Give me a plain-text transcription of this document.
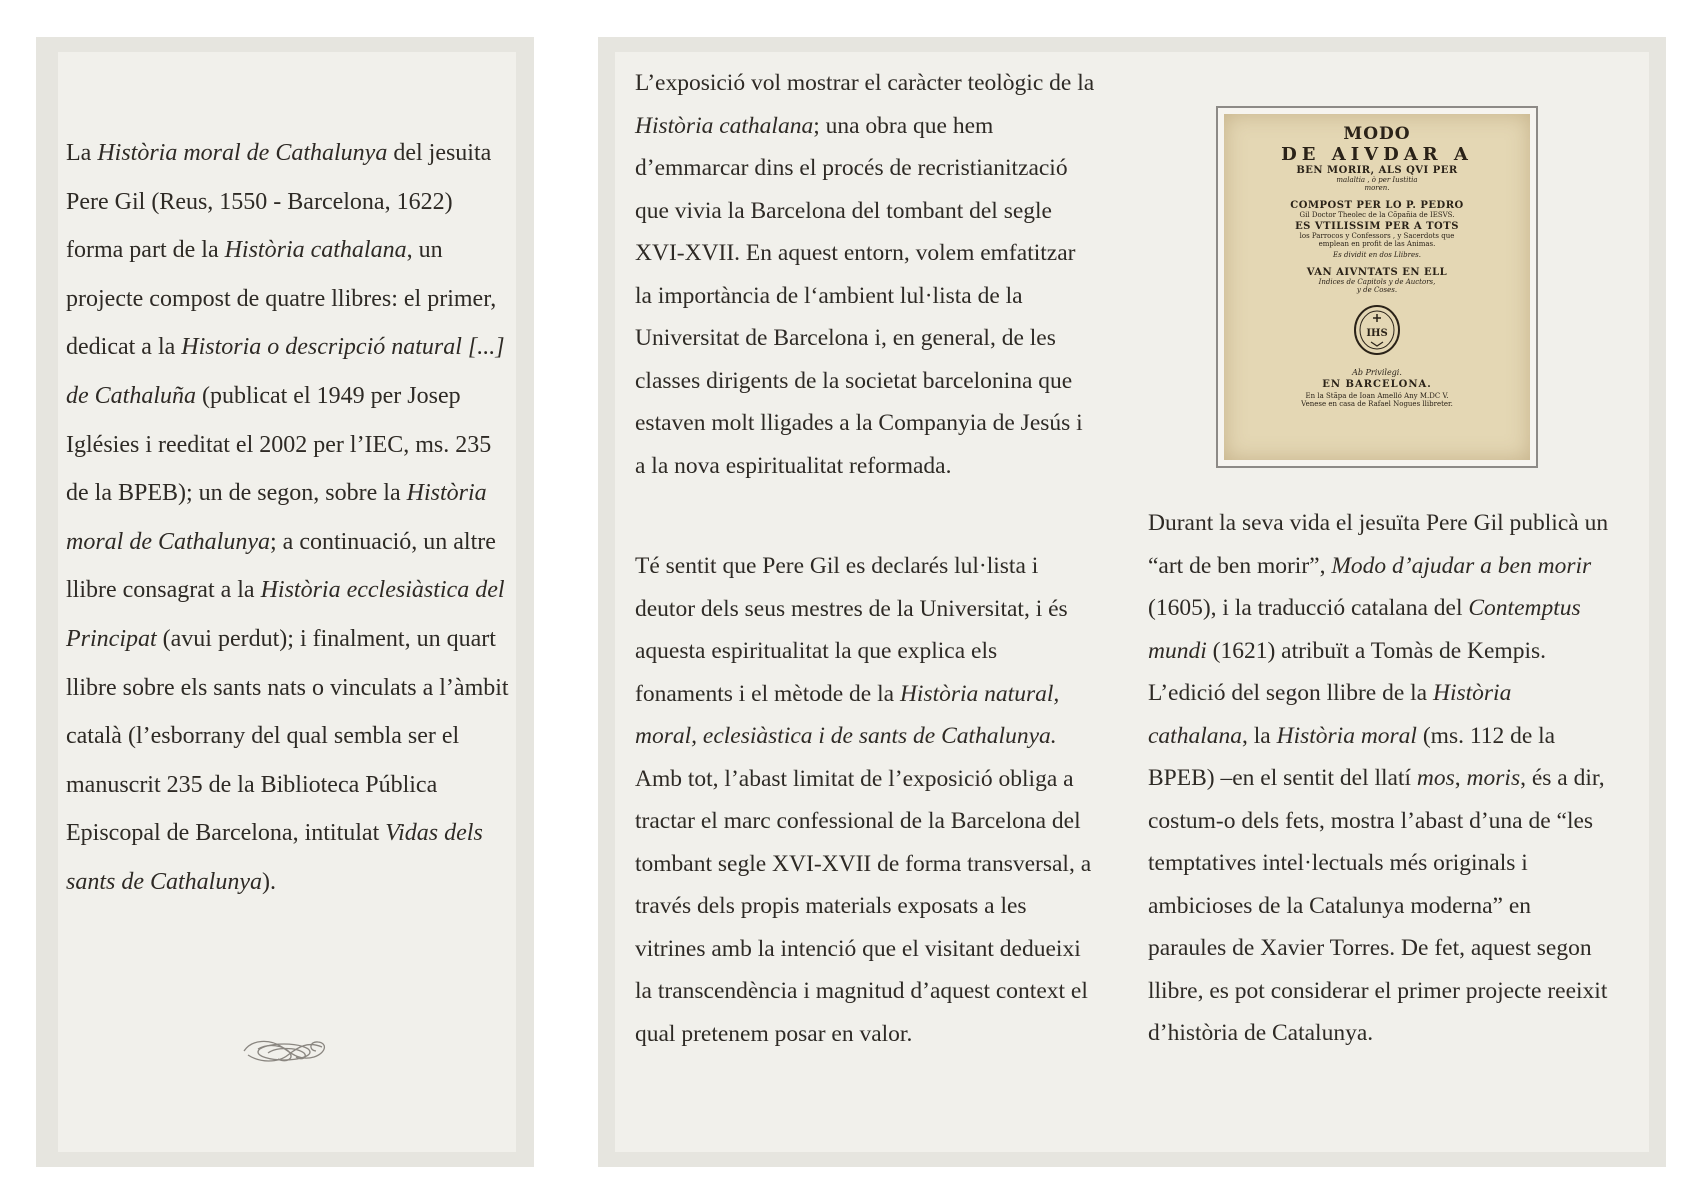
La Història moral de Cathalunya del jesuita Pere Gil (Reus, 1550 - Barcelona, 1622) forma part de la Història cathalana, un projecte compost de quatre llibres: el primer, dedicat a la Historia o descripció natural [...] de Cathaluña (publicat el 1949 per Josep Iglésies i reeditat el 2002 per l’IEC, ms. 235 de la BPEB); un de segon, sobre la Història moral de Cathalunya; a continuació, un altre llibre consagrat a la Història ecclesiàstica del Principat (avui perdut); i finalment, un quart llibre sobre els sants nats o vinculats a l’àmbit català (l’esborrany del qual sembla ser el manuscrit 235 de la Biblioteca Pública Episcopal de Barcelona, intitulat Vidas dels sants de Cathalunya).

L’exposició vol mostrar el caràcter teològic de la Història cathalana; una obra que hem d’emmarcar dins el procés de recristianització que vivia la Barcelona del tombant del segle XVI-XVII. En aquest entorn, volem emfatitzar la importància de l‘ambient lul·lista de la Universitat de Barcelona i, en general, de les classes dirigents de la societat barcelonina que estaven molt lligades a la Companyia de Jesús i a la nova espiritualitat reformada.

Té sentit que Pere Gil es declarés lul·lista i deutor dels seus mestres de la Universitat, i és aquesta espiritualitat la que explica els fonaments i el mètode de la Història natural, moral, eclesiàstica i de sants de Cathalunya. Amb tot, l’abast limitat de l’exposició obliga a tractar el marc confessional de la Barcelona del tombant segle XVI-XVII de forma transversal, a través dels propis materials exposats a les vitrines amb la intenció que el visitant dedueixi la transcendència i magnitud d’aquest context el qual pretenem posar en valor.

MODO
DE AIVDAR A
BEN MORIR, ALS QVI PER
malaltia , ò per Iustitia
moren.
COMPOST PER LO P. PEDRO
Gil Doctor Theolec de la Cõpañia de IESVS.
ES VTILISSIM PER A TOTS
los Parrocos y Confessors , y Sacerdots que
emplean en profit de las Animas.
Es dividit en dos Llibres.
VAN AIVNTATS EN ELL
Indices de Capitols y de Auctors,
y de Coses.
IHS
Ab Privilegi.
EN BARCELONA.
En la Stãpa de Ioan Amelló Any M.DC V.
Venese en casa de Rafael Nogues llibreter.

Durant la seva vida el jesuïta Pere Gil publicà un “art de ben morir”, Modo d’ajudar a ben morir (1605), i la traducció catalana del Contemptus mundi (1621) atribuït a Tomàs de Kempis. L’edició del segon llibre de la Història cathalana, la Història moral (ms. 112 de la BPEB) –en el sentit del llatí mos, moris, és a dir, costum-o dels fets, mostra l’abast d’una de “les temptatives intel·lectuals més originals i ambicioses de la Catalunya moderna” en paraules de Xavier Torres. De fet, aquest segon llibre, es pot considerar el primer projecte reeixit d’història de Catalunya.
